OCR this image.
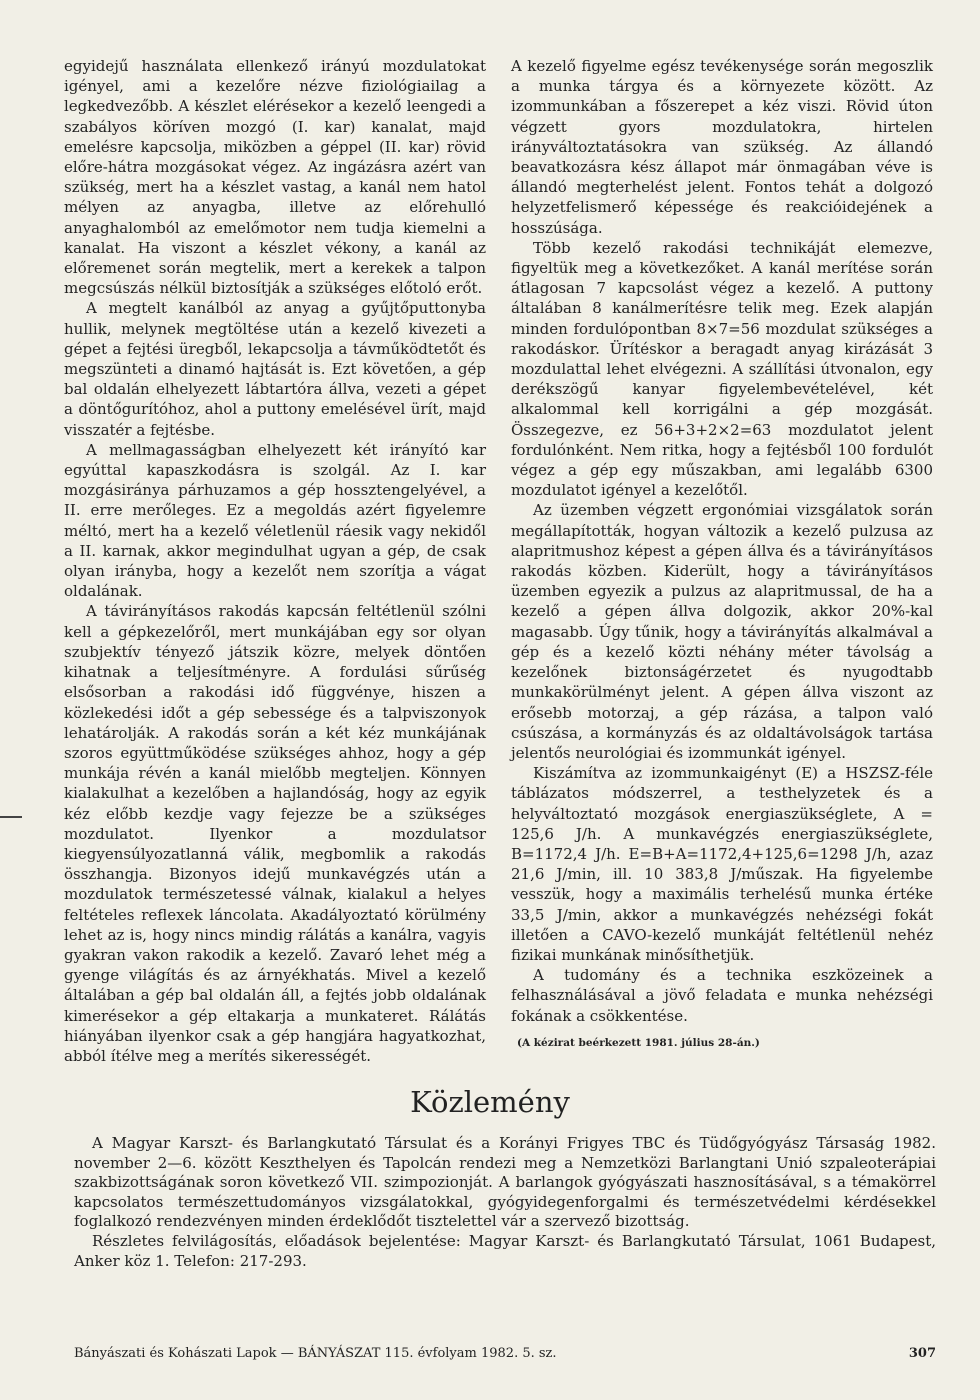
egyidejű használata ellenkező irányú mozdulatokat igényel, ami a kezelőre nézve fiziológiailag a legkedvezőbb. A készlet elérésekor a kezelő leengedi a szabályos köríven mozgó (I. kar) kanalat, majd emelésre kapcsolja, miközben a géppel (II. kar) rövid előre-hátra mozgásokat végez. Az ingázásra azért van szükség, mert ha a készlet vastag, a kanál nem hatol mélyen az anyagba, illetve az előrehulló anyaghalomból az emelőmotor nem tudja kiemelni a kanalat. Ha viszont a készlet vékony, a kanál az előremenet során megtelik, mert a kerekek a talpon megcsúszás nélkül biztosítják a szükséges előtoló erőt.

A megtelt kanálból az anyag a gyűjtőputtonyba hullik, melynek megtöltése után a kezelő kivezeti a gépet a fejtési üregből, lekapcsolja a távműködtetőt és megszünteti a dinamó hajtását is. Ezt követően, a gép bal oldalán elhelyezett lábtartóra állva, vezeti a gépet a döntőgurítóhoz, ahol a puttony emelésével ürít, majd visszatér a fejtésbe.

A mellmagasságban elhelyezett két irányító kar egyúttal kapaszkodásra is szolgál. Az I. kar mozgásiránya párhuzamos a gép hossztengelyével, a II. erre merőleges. Ez a megoldás azért figyelemre méltó, mert ha a kezelő véletlenül ráesik vagy nekidől a II. karnak, akkor megindulhat ugyan a gép, de csak olyan irányba, hogy a kezelőt nem szorítja a vágat oldalának.

A távirányításos rakodás kapcsán feltétlenül szólni kell a gépkezelőről, mert munkájában egy sor olyan szubjektív tényező játszik közre, melyek döntően kihatnak a teljesítményre. A fordulási sűrűség elsősorban a rakodási idő függvénye, hiszen a közlekedési időt a gép sebessége és a talpviszonyok lehatárolják. A rakodás során a két kéz munkájának szoros együttműködése szükséges ahhoz, hogy a gép munkája révén a kanál mielőbb megteljen. Könnyen kialakulhat a kezelőben a hajlandóság, hogy az egyik kéz előbb kezdje vagy fejezze be a szükséges mozdulatot. Ilyenkor a mozdulatsor kiegyensúlyozatlanná válik, megbomlik a rakodás összhangja. Bizonyos idejű munkavégzés után a mozdulatok természetessé válnak, kialakul a helyes feltételes reflexek láncolata. Akadályoztató körülmény lehet az is, hogy nincs mindig rálátás a kanálra, vagyis gyakran vakon rakodik a kezelő. Zavaró lehet még a gyenge világítás és az árnyékhatás. Mivel a kezelő általában a gép bal oldalán áll, a fejtés jobb oldalának kimerésekor a gép eltakarja a munkateret. Rálátás hiányában ilyenkor csak a gép hangjára hagyatkozhat, abból ítélve meg a merítés sikerességét.

A kezelő figyelme egész tevékenysége során megoszlik a munka tárgya és a környezete között. Az izommunkában a főszerepet a kéz viszi. Rövid úton végzett gyors mozdulatokra, hirtelen irányváltoztatásokra van szükség. Az állandó beavatkozásra kész állapot már önmagában véve is állandó megterhelést jelent. Fontos tehát a dolgozó helyzetfelismerő képessége és reakcióidejének a hosszúsága.

Több kezelő rakodási technikáját elemezve, figyeltük meg a következőket. A kanál merítése során átlagosan 7 kapcsolást végez a kezelő. A puttony általában 8 kanálmerítésre telik meg. Ezek alapján minden fordulópontban 8×7=56 mozdulat szükséges a rakodáskor. Ürítéskor a beragadt anyag kirázását 3 mozdulattal lehet elvégezni. A szállítási útvonalon, egy derékszögű kanyar figyelembevételével, két alkalommal kell korrigálni a gép mozgását. Összegezve, ez 56+3+2×2=63 mozdulatot jelent fordulónként. Nem ritka, hogy a fejtésből 100 fordulót végez a gép egy műszakban, ami legalább 6300 mozdulatot igényel a kezelőtől.

Az üzemben végzett ergonómiai vizsgálatok során megállapították, hogyan változik a kezelő pulzusa az alapritmushoz képest a gépen állva és a távirányításos rakodás közben. Kiderült, hogy a távirányításos üzemben egyezik a pulzus az alapritmussal, de ha a kezelő a gépen állva dolgozik, akkor 20%-kal magasabb. Úgy tűnik, hogy a távirányítás alkalmával a gép és a kezelő közti néhány méter távolság a kezelőnek biztonságérzetet és nyugodtabb munkakörülményt jelent. A gépen állva viszont az erősebb motorzaj, a gép rázása, a talpon való csúszása, a kormányzás és az oldaltávolságok tartása jelentős neurológiai és izommunkát igényel.

Kiszámítva az izommunkaigényt (E) a HSZSZ-féle táblázatos módszerrel, a testhelyzetek és a helyváltoztató mozgások energiaszükséglete, A = 125,6 J/h. A munkavégzés energiaszükséglete, B=1172,4 J/h. E=B+A=1172,4+125,6=1298 J/h, azaz 21,6 J/min, ill. 10 383,8 J/műszak. Ha figyelembe vesszük, hogy a maximális terhelésű munka értéke 33,5 J/min, akkor a munkavégzés nehézségi fokát illetően a CAVO-kezelő munkáját feltétlenül nehéz fizikai munkának minősíthetjük.

A tudomány és a technika eszközeinek a felhasználásával a jövő feladata e munka nehézségi fokának a csökkentése.

(A kézirat beérkezett 1981. július 28-án.)

Közlemény

A Magyar Karszt- és Barlangkutató Társulat és a Korányi Frigyes TBC és Tüdőgyógyász Társaság 1982. november 2—6. között Keszthelyen és Tapolcán rendezi meg a Nemzetközi Barlangtani Unió szpaleoterápiai szakbizottságának soron következő VII. szimpozionját. A barlangok gyógyászati hasznosításával, s a témakörrel kapcsolatos természettudományos vizsgálatokkal, gyógyidegenforgalmi és természetvédelmi kérdésekkel foglalkozó rendezvényen minden érdeklődőt tisztelettel vár a szervező bizottság.

Részletes felvilágosítás, előadások bejelentése: Magyar Karszt- és Barlangkutató Társulat, 1061 Budapest, Anker köz 1. Telefon: 217-293.

Bányászati és Kohászati Lapok — BÁNYÁSZAT 115. évfolyam 1982. 5. sz.	307
